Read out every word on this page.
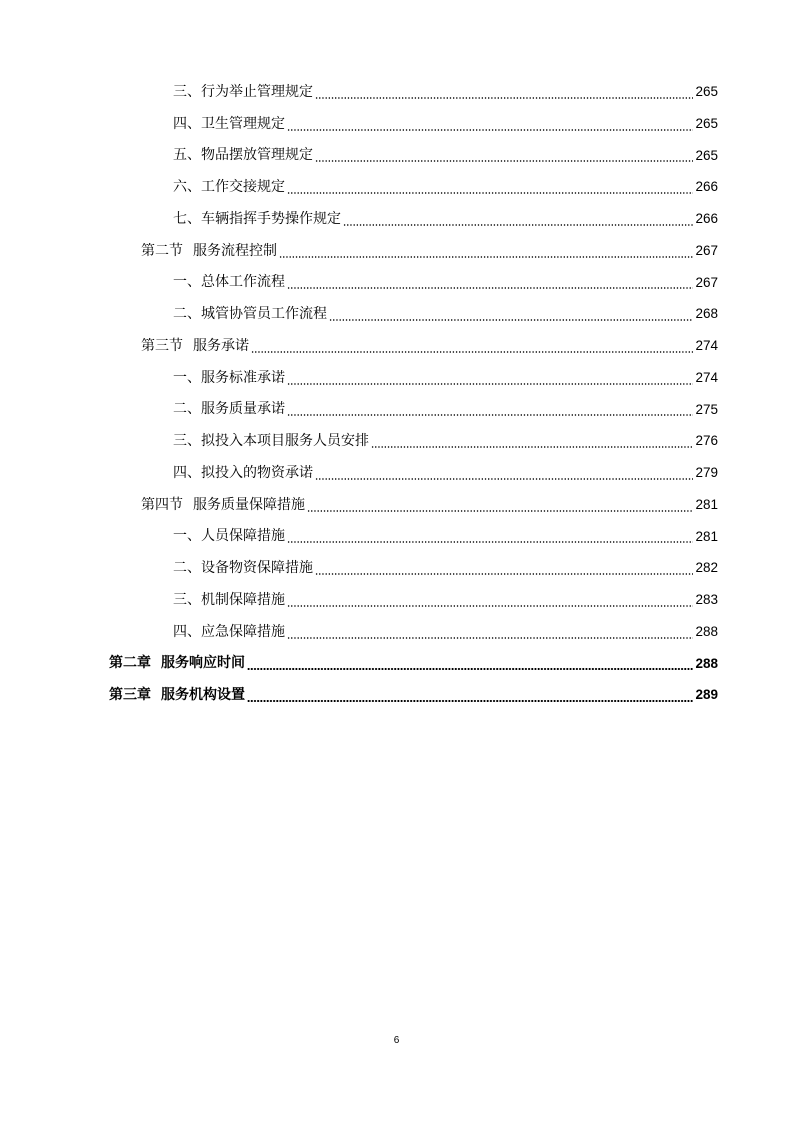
三、行为举止管理规定	265
四、卫生管理规定	265
五、物品摆放管理规定	265
六、工作交接规定	266
七、车辆指挥手势操作规定	266
第二节 服务流程控制	267
一、总体工作流程	267
二、城管协管员工作流程	268
第三节 服务承诺	274
一、服务标准承诺	274
二、服务质量承诺	275
三、拟投入本项目服务人员安排	276
四、拟投入的物资承诺	279
第四节 服务质量保障措施	281
一、人员保障措施	281
二、设备物资保障措施	282
三、机制保障措施	283
四、应急保障措施	288
第二章 服务响应时间	288
第三章 服务机构设置	289
6
